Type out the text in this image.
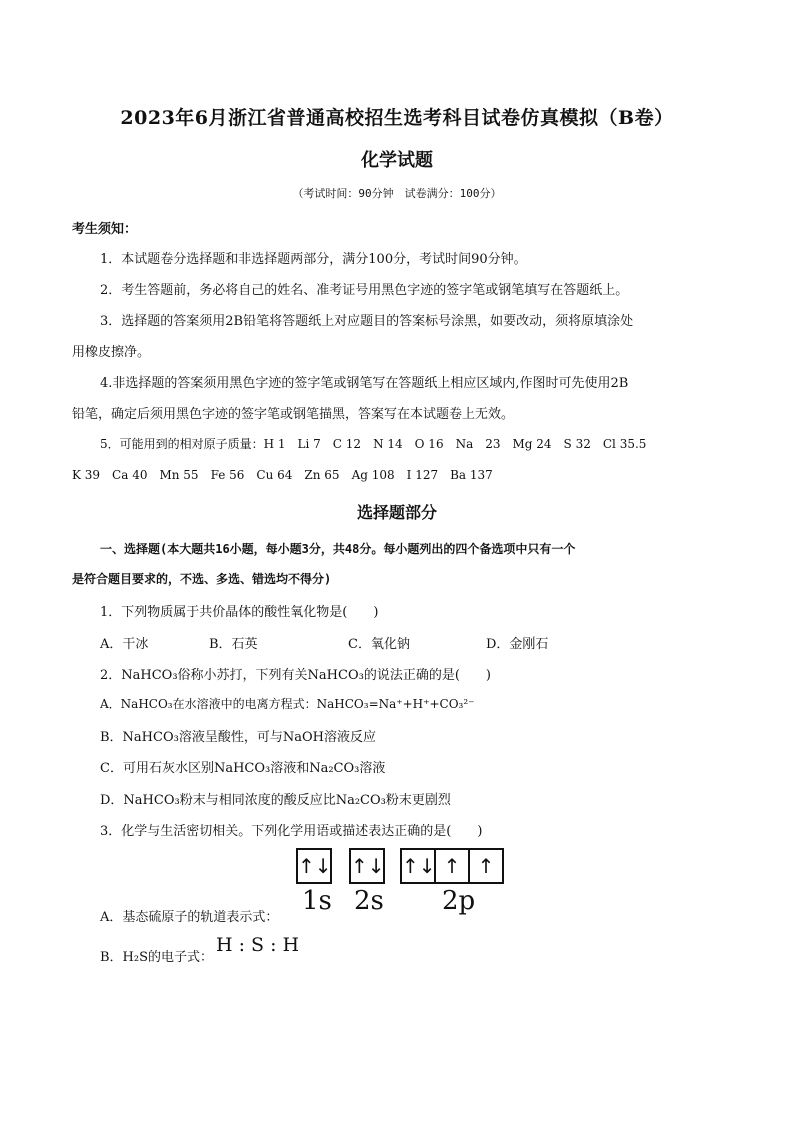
2023年6月浙江省普通高校招生选考科目试卷仿真模拟（B卷）
化学试题
（考试时间：90分钟　试卷满分：100分）
考生须知：
1．本试题卷分选择题和非选择题两部分，满分100分，考试时间90分钟。
2．考生答题前，务必将自己的姓名、准考证号用黑色字迹的签字笔或钢笔填写在答题纸上。
3．选择题的答案须用2B铅笔将答题纸上对应题目的答案标号涂黑，如要改动，须将原填涂处
用橡皮擦净。
4.非选择题的答案须用黑色字迹的签字笔或钢笔写在答题纸上相应区域内,作图时可先使用2B
铅笔，确定后须用黑色字迹的签字笔或钢笔描黑，答案写在本试题卷上无效。
5．可能用到的相对原子质量：H 1　Li 7　C 12　N 14　O 16　Na　23　Mg 24　S 32　Cl 35.5
K 39　Ca 40　Mn 55　Fe 56　Cu 64　Zn 65　Ag 108　I 127　Ba 137
选择题部分
一、选择题(本大题共16小题，每小题3分，共48分。每小题列出的四个备选项中只有一个
是符合题目要求的，不选、多选、错选均不得分)
1．下列物质属于共价晶体的酸性氧化物是(　　)
A．干冰	B．石英	C．氧化钠	D．金刚石
2．NaHCO₃俗称小苏打，下列有关NaHCO₃的说法正确的是(　　)
A．NaHCO₃在水溶液中的电离方程式：NaHCO₃=Na⁺+H⁺+CO₃²⁻
B．NaHCO₃溶液呈酸性，可与NaOH溶液反应
C．可用石灰水区别NaHCO₃溶液和Na₂CO₃溶液
D．NaHCO₃粉末与相同浓度的酸反应比Na₂CO₃粉末更剧烈
3．化学与生活密切相关。下列化学用语或描述表达正确的是(　　)
↑↓ ↑↓ ↑↓ ↑ ↑
1s 2s 2p
A．基态硫原子的轨道表示式：
B．H₂S的电子式：
H : S : H
